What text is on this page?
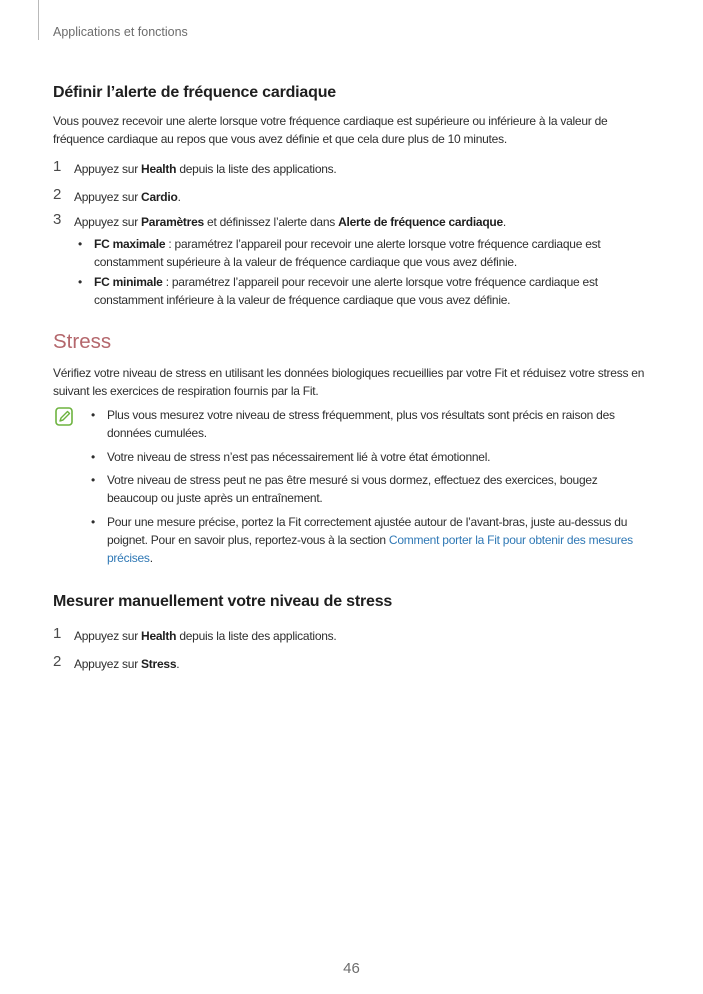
Applications et fonctions
Définir l’alerte de fréquence cardiaque

Vous pouvez recevoir une alerte lorsque votre fréquence cardiaque est supérieure ou inférieure à la valeur de fréquence cardiaque au repos que vous avez définie et que cela dure plus de 10 minutes.

1 Appuyez sur Health depuis la liste des applications.
2 Appuyez sur Cardio.
3 Appuyez sur Paramètres et définissez l’alerte dans Alerte de fréquence cardiaque.
• FC maximale : paramétrez l’appareil pour recevoir une alerte lorsque votre fréquence cardiaque est constamment supérieure à la valeur de fréquence cardiaque que vous avez définie.
• FC minimale : paramétrez l’appareil pour recevoir une alerte lorsque votre fréquence cardiaque est constamment inférieure à la valeur de fréquence cardiaque que vous avez définie.
Stress

Vérifiez votre niveau de stress en utilisant les données biologiques recueillies par votre Fit et réduisez votre stress en suivant les exercices de respiration fournis par la Fit.

• Plus vous mesurez votre niveau de stress fréquemment, plus vos résultats sont précis en raison des données cumulées.
• Votre niveau de stress n’est pas nécessairement lié à votre état émotionnel.
• Votre niveau de stress peut ne pas être mesuré si vous dormez, effectuez des exercices, bougez beaucoup ou juste après un entraînement.
• Pour une mesure précise, portez la Fit correctement ajustée autour de l’avant-bras, juste au-dessus du poignet. Pour en savoir plus, reportez-vous à la section Comment porter la Fit pour obtenir des mesures précises.
Mesurer manuellement votre niveau de stress
1 Appuyez sur Health depuis la liste des applications.
2 Appuyez sur Stress.
46
